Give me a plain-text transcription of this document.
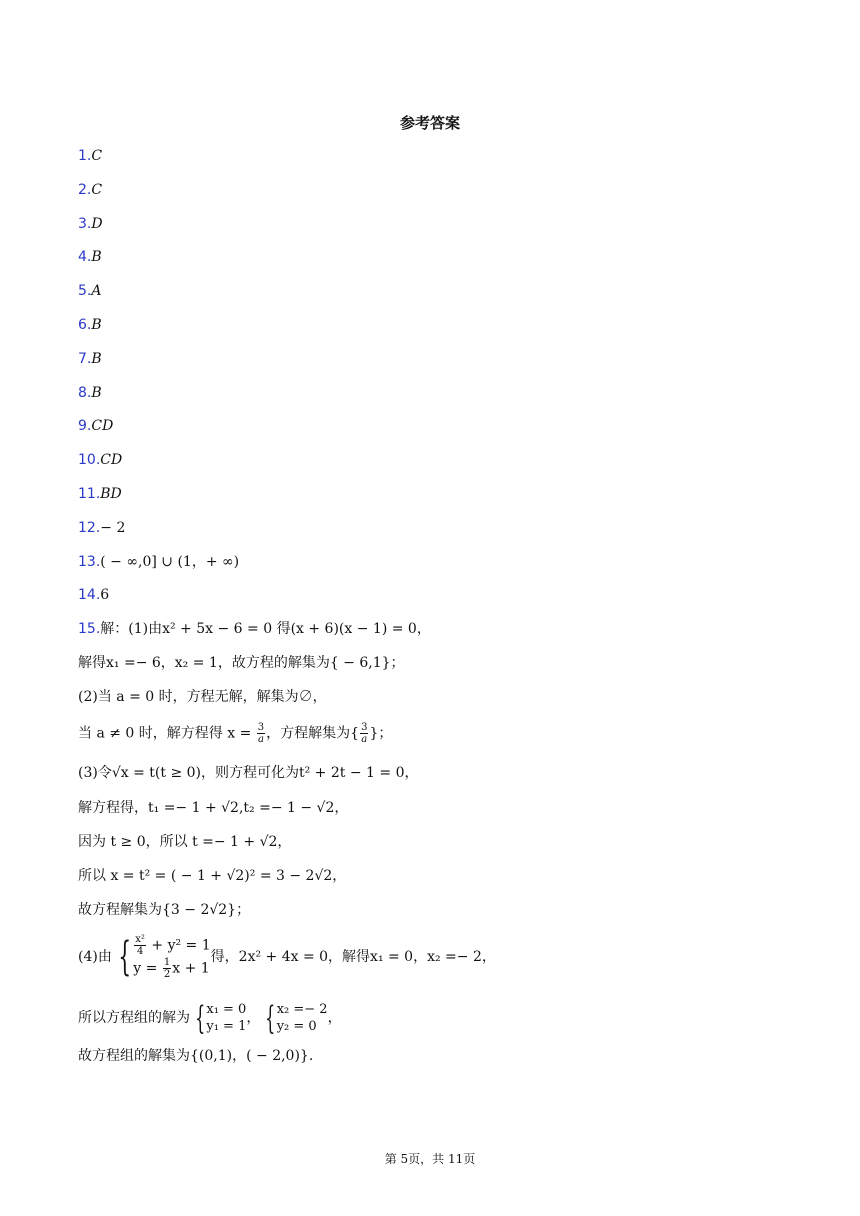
参考答案
1.C
2.C
3.D
4.B
5.A
6.B
7.B
8.B
9.CD
10.CD
11.BD
12.− 2
13.( − ∞,0] ∪ (1，+ ∞)
14.6
15.解：(1)由x² + 5x − 6 = 0 得(x + 6)(x − 1) = 0，
解得x₁ =− 6，x₂ = 1，故方程的解集为{ − 6,1}；
(2)当 a = 0 时，方程无解，解集为∅，
当 a ≠ 0 时，解方程得 $x = \frac{3}{a}$ ，方程解集为{ $\frac{3}{a}$ }；
(3)令√x = t(t ≥ 0)，则方程可化为t² + 2t − 1 = 0，
解方程得，t₁ =− 1 + √2,t₂ =− 1 − √2，
因为 t ≥ 0，所以 t =− 1 + √2，
所以 x = t² = ( − 1 + √2)² = 3 − 2√2，
故方程解集为{3 − 2√2}；
(4)由 { $\frac{\text{x²}}{4} + y^2 = 1$
$y = \frac{1}{2}$ x + 1
得，2x² + 4x = 0，解得x₁ = 0，x₂ =− 2，
所以方程组的解为 { x₁ = 0
y₁ = 1
， { x₂ =− 2
y₂ = 0
，
故方程组的解集为{(0,1)，( − 2,0)}.
第 5页，共 11页
